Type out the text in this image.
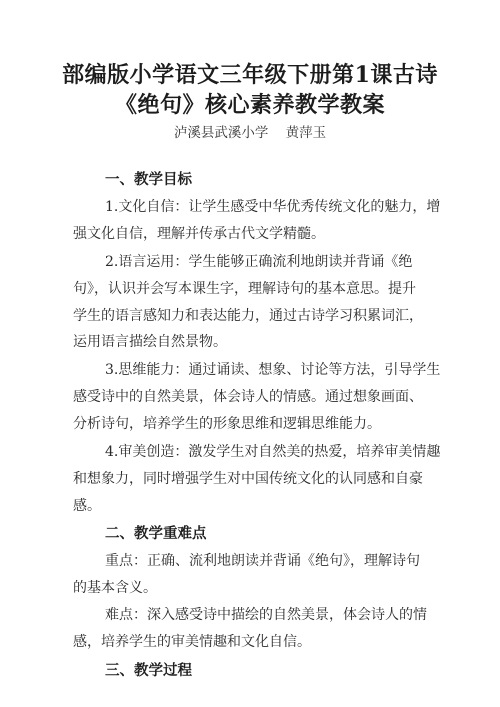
部编版小学语文三年级下册第1课古诗
《绝句》核心素养教学教案
泸溪县武溪小学    黄萍玉
一、教学目标
1.文化自信：让学生感受中华优秀传统文化的魅力，增
强文化自信，理解并传承古代文学精髓。
2.语言运用：学生能够正确流利地朗读并背诵《绝
句》，认识并会写本课生字，理解诗句的基本意思。提升
学生的语言感知力和表达能力，通过古诗学习积累词汇，
运用语言描绘自然景物。
3.思维能力：通过诵读、想象、讨论等方法，引导学生
感受诗中的自然美景，体会诗人的情感。通过想象画面、
分析诗句，培养学生的形象思维和逻辑思维能力。
4.审美创造：激发学生对自然美的热爱，培养审美情趣
和想象力，同时增强学生对中国传统文化的认同感和自豪
感。
二、教学重难点
重点：正确、流利地朗读并背诵《绝句》，理解诗句
的基本含义。
难点：深入感受诗中描绘的自然美景，体会诗人的情
感，培养学生的审美情趣和文化自信。
三、教学过程
